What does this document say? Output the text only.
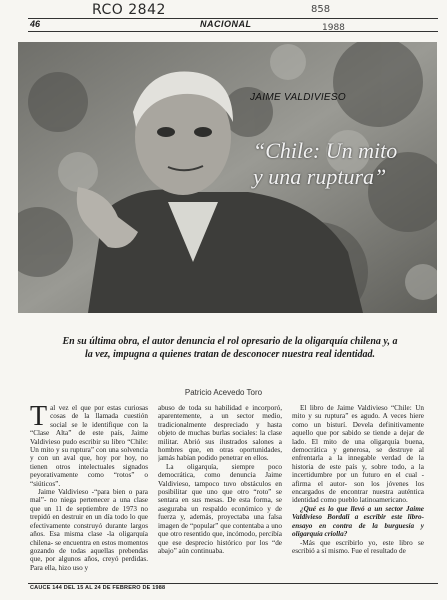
RCO 2842	858
1988
46	NACIONAL
JAIME VALDIVIESO
“Chile: Un mito
y una ruptura”
En su última obra, el autor denuncia el rol opresario de la oligarquía chilena y, a la vez, impugna a quienes tratan de desconocer nuestra real identidad.
Patricio Acevedo Toro
T al vez el que por estas curiosas cosas de la llamada cuestión social se le identifique con la “Clase Alta” de este país, Jaime Valdivieso pudo escribir su libro “Chile: Un mito y su ruptura” con una solvencia y con un aval que, hoy por hoy, no tienen otros intelectuales signados peyorativamente como “rotos” o “siúticos”.

Jaime Valdivieso -“para bien o para mal”- no niega pertenecer a una clase que un 11 de septiembre de 1973 no trepidó en destruir en un día todo lo que efectivamente construyó durante largos años. Esa misma clase -la oligarquía chilena- se encuentra en estos momentos gozando de todas aquellas prebendas que, por algunos años, creyó perdidas. Para ella, hizo uso y

abuso de toda su habilidad e incorporó, aparentemente, a un sector medio, tradicionalmente despreciado y hasta objeto de muchas burlas sociales: la clase militar. Abrió sus ilustrados salones a hombres que, en otras oportunidades, jamás habían podido penetrar en ellos.

La oligarquía, siempre poco democrática, como denuncia Jaime Valdivieso, tampoco tuvo obstáculos en posibilitar que uno que otro “roto” se sentara en sus mesas. De esta forma, se aseguraba un respaldo económico y de fuerza y, además, proyectaba una falsa imagen de “popular” que contentaba a uno que otro resentido que, incómodo, percibía que ese desprecio histórico por los “de abajo” aún continuaba.

El libro de Jaime Valdivieso “Chile: Un mito y su ruptura” es agudo. A veces hiere como un bisturí. Devela definitivamente aquello que por sabido se tiende a dejar de lado. El mito de una oligarquía buena, democrática y generosa, se destruye al enfrentarla a la innegable verdad de la historia de este país y, sobre todo, a la incertidumbre por un futuro en el cual -afirma el autor- son los jóvenes los encargados de encontrar nuestra auténtica identidad como pueblo latinoamericano.

¿Qué es lo que llevó a un sector Jaime Valdivieso Bordali a escribir este libro-ensayo en contra de la burguesía y oligarquía criolla?

-Más que escribirlo yo, este libro se escribió a sí mismo. Fue el resultado de

CAUCE 144 DEL 15 AL 24 DE FEBRERO DE 1988
